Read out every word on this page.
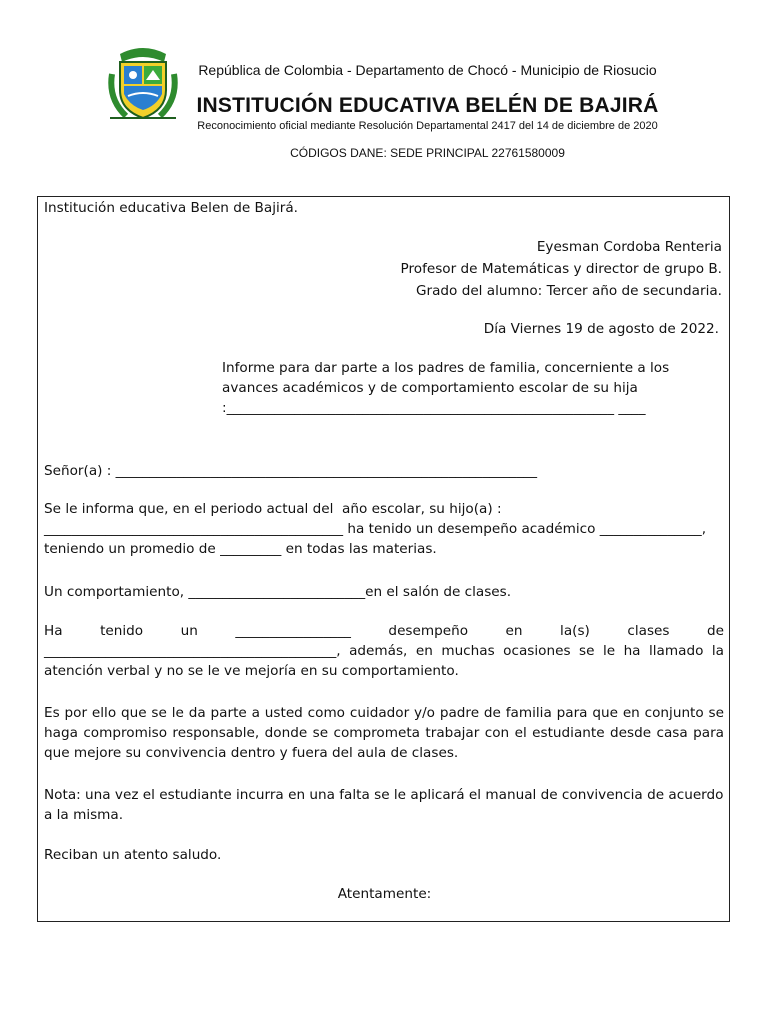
República de Colombia - Departamento de Chocó - Municipio de Riosucio
INSTITUCIÓN EDUCATIVA BELÉN DE BAJIRÁ
Reconocimiento oficial mediante Resolución Departamental 2417 del 14 de diciembre de 2020
CÓDIGOS DANE: SEDE PRINCIPAL 22761580009
Institución educativa Belen de Bajirá.
Eyesman Cordoba Renteria
Profesor de Matemáticas y director de grupo B.
Grado del alumno: Tercer año de secundaria.
Día Viernes 19 de agosto de 2022.
Informe para dar parte a los padres de familia, concerniente a los avances académicos y de comportamiento escolar de su hija :_________________________________________________________ ____
Señor(a) : ______________________________________________________________
Se le informa que, en el periodo actual del  año escolar, su hijo(a) : ____________________________________________ ha tenido un desempeño académico _______________, teniendo un promedio de _________ en todas las materias.
Un comportamiento, __________________________en el salón de clases.
Ha tenido un _________________ desempeño en la(s) clases de ___________________________________________, además, en muchas ocasiones se le ha llamado la atención verbal y no se le ve mejoría en su comportamiento.
Es por ello que se le da parte a usted como cuidador y/o padre de familia para que en conjunto se haga compromiso responsable, donde se comprometa trabajar con el estudiante desde casa para que mejore su convivencia dentro y fuera del aula de clases.
Nota: una vez el estudiante incurra en una falta se le aplicará el manual de convivencia de acuerdo a la misma.
Reciban un atento saludo.
Atentamente:
